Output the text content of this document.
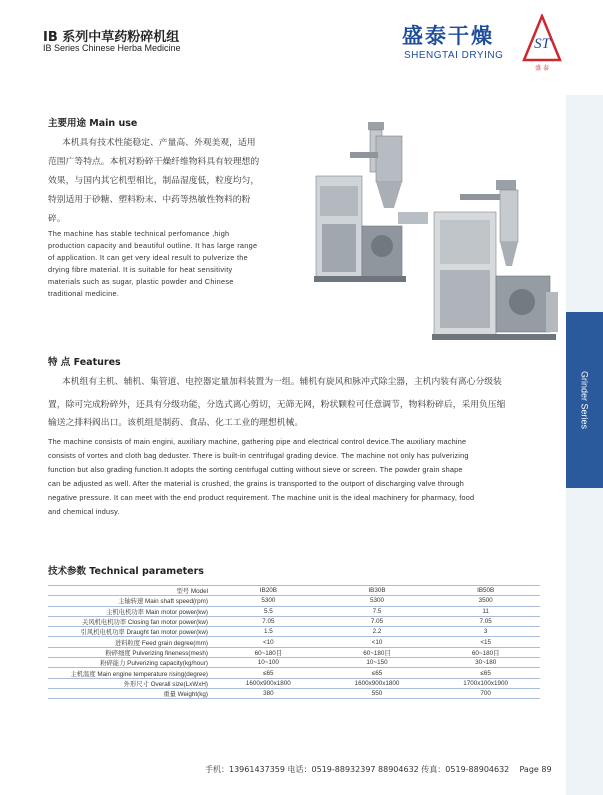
IB 系列中草药粉碎机组
IB Series Chinese Herba Medicine	盛泰干燥
SHENGTAI DRYING
ST
盛 泰
Grinder Series
主要用途 Main use
本机具有技术性能稳定、产量高、外观美观，适用
范围广等特点。本机对粉碎干燥纤维物料具有较理想的
效果，与国内其它机型相比，制品湿度低，粒度均匀，
特别适用于砂糖、塑料粉末、中药等热敏性物料的粉
碎。
The machine has stable technical perfomance ,high
production capacity and beautiful outline. It has large range
of application. It can get very ideal result to pulverize the
drying fibre material. It is suitable for heat sensitivity
materials such as sugar, plastic powder and Chinese
traditional medicine.
特 点 Features
本机组有主机、辅机、集管道、电控器定量加料装置为一组。辅机有旋风和脉冲式除尘器，主机内装有离心分级装
置，除可完成粉碎外，还具有分级功能，分选式离心剪切，无筛无网，粉状颗粒可任意调节，物料粉碎后，采用负压缩
输送之排料阀出口。该机组是制药、食品、化工工业的理想机械。
The machine consists of main engini, auxiliary machine, gathering pipe and electrical control device.The auxiliary machine
consists of vortes and cloth bag deduster. There is built-in centrifugal grading device. The machine not only has pulverizing
function but also grading function.It adopts the sorting centrfugal cutting without sieve or screen. The powder grain shape
can be adjusted as well. After the material is crushed, the grains is transported to the outport of discharging valve through
negative pressure. It can meet with the end product requirement. The machine unit is the ideal machinery for pharmacy, food
and chemical indusy.
技术参数 Technical parameters
型号 Model	IB20B	IB30B	IB50B
主轴转速 Main shaft speed(rpm)	5300	5300	3500
主机电机功率 Main motor power(kw)	5.5	7.5	11
关风机电机功率 Closing fan motor power(kw)	7.05	7.05	7.05
引风机电机功率 Draught fan motor power(kw)	1.5	2.2	3
进料粒度 Feed grain degree(mm)	<10	<10	<15
粉碎细度 Pulverizing fineness(mesh)	60~180目	60~180目	60~180目
粉碎能力 Pulverizing capacity(kg/hour)	10~100	10~150	30~180
主机温度 Main engine temperature rising(degree)	≤65	≤65	≤65
外形尺寸 Overall size(LxWxH)	1600x900x1800	1600x900x1800	1700x100x1900
重量 Weight(kg)	380	550	700
手机：13961437359 电话：0519-88932397 88904632 传真：0519-88904632 Page 89
